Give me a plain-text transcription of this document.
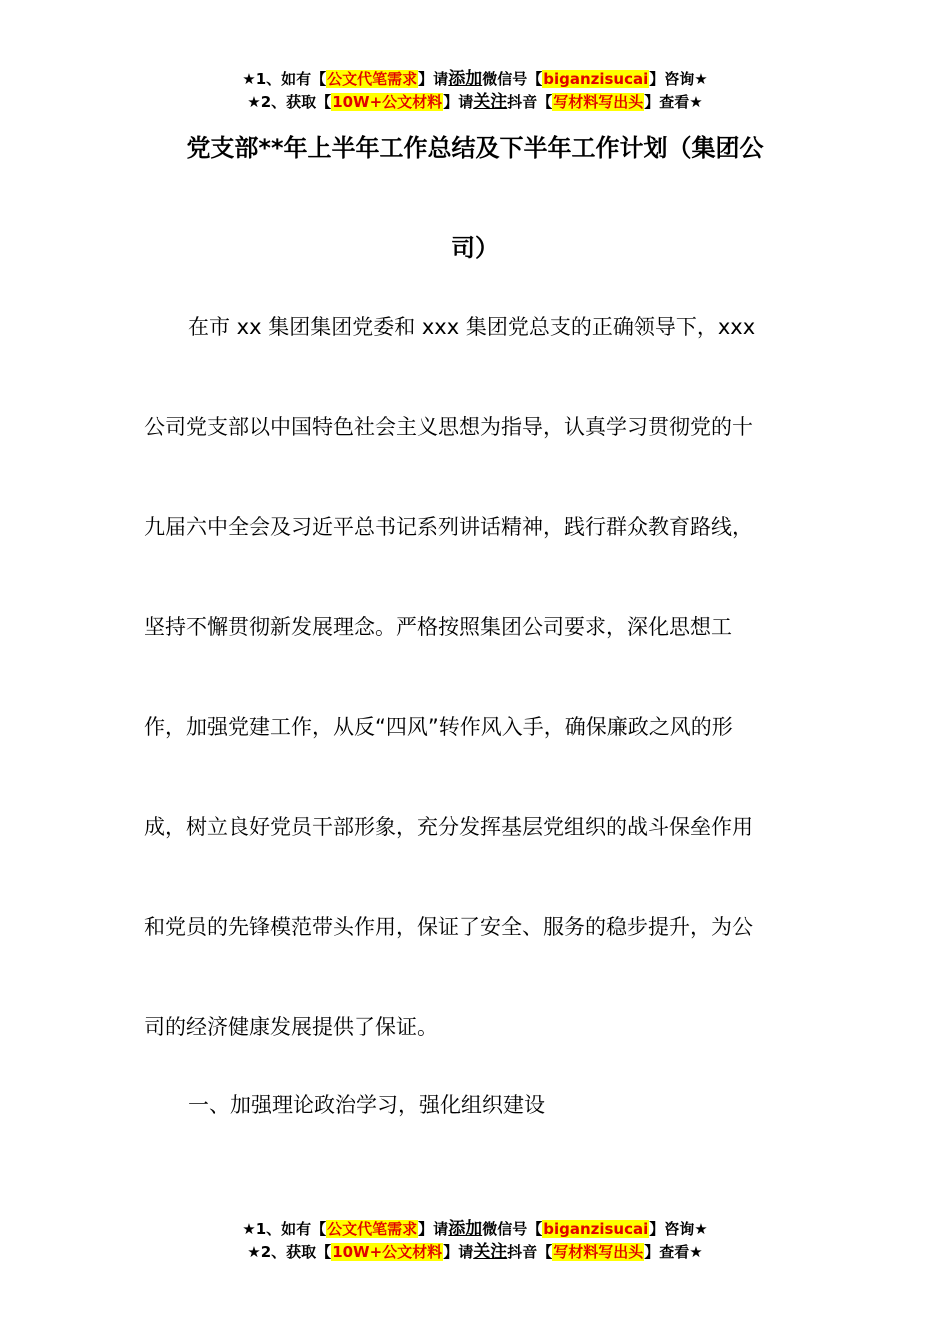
★1、如有【公文代笔需求】请添加微信号【biganzisucai】咨询★
★2、获取【10W+公文材料】请关注抖音【写材料写出头】查看★
党支部**年上半年工作总结及下半年工作计划（集团公
司）
在市 xx 集团集团党委和 xxx 集团党总支的正确领导下，xxx
公司党支部以中国特色社会主义思想为指导，认真学习贯彻党的十
九届六中全会及习近平总书记系列讲话精神，践行群众教育路线，
坚持不懈贯彻新发展理念。严格按照集团公司要求，深化思想工
作，加强党建工作，从反“四风”转作风入手，确保廉政之风的形
成，树立良好党员干部形象，充分发挥基层党组织的战斗保垒作用
和党员的先锋模范带头作用，保证了安全、服务的稳步提升，为公
司的经济健康发展提供了保证。
一、加强理论政治学习，强化组织建设
★1、如有【公文代笔需求】请添加微信号【biganzisucai】咨询★
★2、获取【10W+公文材料】请关注抖音【写材料写出头】查看★
